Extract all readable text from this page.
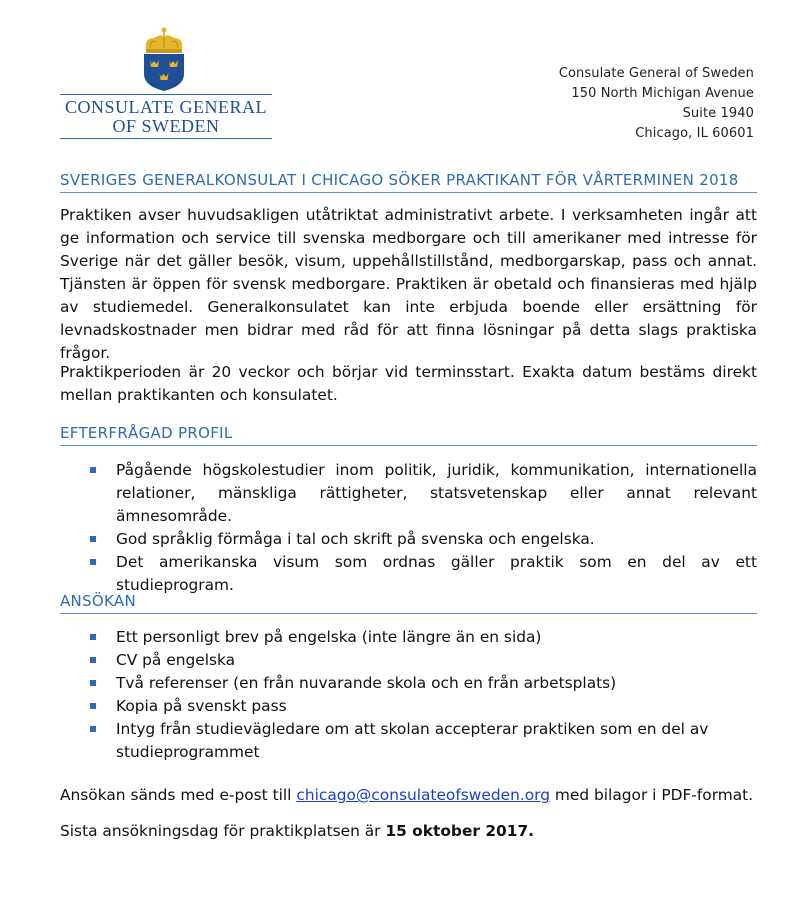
CONSULATE GENERAL
OF SWEDEN
Consulate General of Sweden
150 North Michigan Avenue
Suite 1940
Chicago, IL 60601
SVERIGES GENERALKONSULAT I CHICAGO SÖKER PRAKTIKANT FÖR VÅRTERMINEN 2018

Praktiken avser huvudsakligen utåtriktat administrativt arbete. I verksamheten ingår att ge information och service till svenska medborgare och till amerikaner med intresse för Sverige när det gäller besök, visum, uppehållstillstånd, medborgarskap, pass och annat. Tjänsten är öppen för svensk medborgare. Praktiken är obetald och finansieras med hjälp av studiemedel. Generalkonsulatet kan inte erbjuda boende eller ersättning för levnadskostnader men bidrar med råd för att finna lösningar på detta slags praktiska frågor.

Praktikperioden är 20 veckor och börjar vid terminsstart. Exakta datum bestäms direkt mellan praktikanten och konsulatet.

EFTERFRÅGAD PROFIL
Pågående högskolestudier inom politik, juridik, kommunikation, internationella relationer, mänskliga rättigheter, statsvetenskap eller annat relevant ämnesområde.
God språklig förmåga i tal och skrift på svenska och engelska.
Det amerikanska visum som ordnas gäller praktik som en del av ett studieprogram.
ANSÖKAN
Ett personligt brev på engelska (inte längre än en sida)
CV på engelska
Två referenser (en från nuvarande skola och en från arbetsplats)
Kopia på svenskt pass
Intyg från studievägledare om att skolan accepterar praktiken som en del av studieprogrammet

Ansökan sänds med e-post till chicago@consulateofsweden.org med bilagor i PDF-format.

Sista ansökningsdag för praktikplatsen är 15 oktober 2017.
